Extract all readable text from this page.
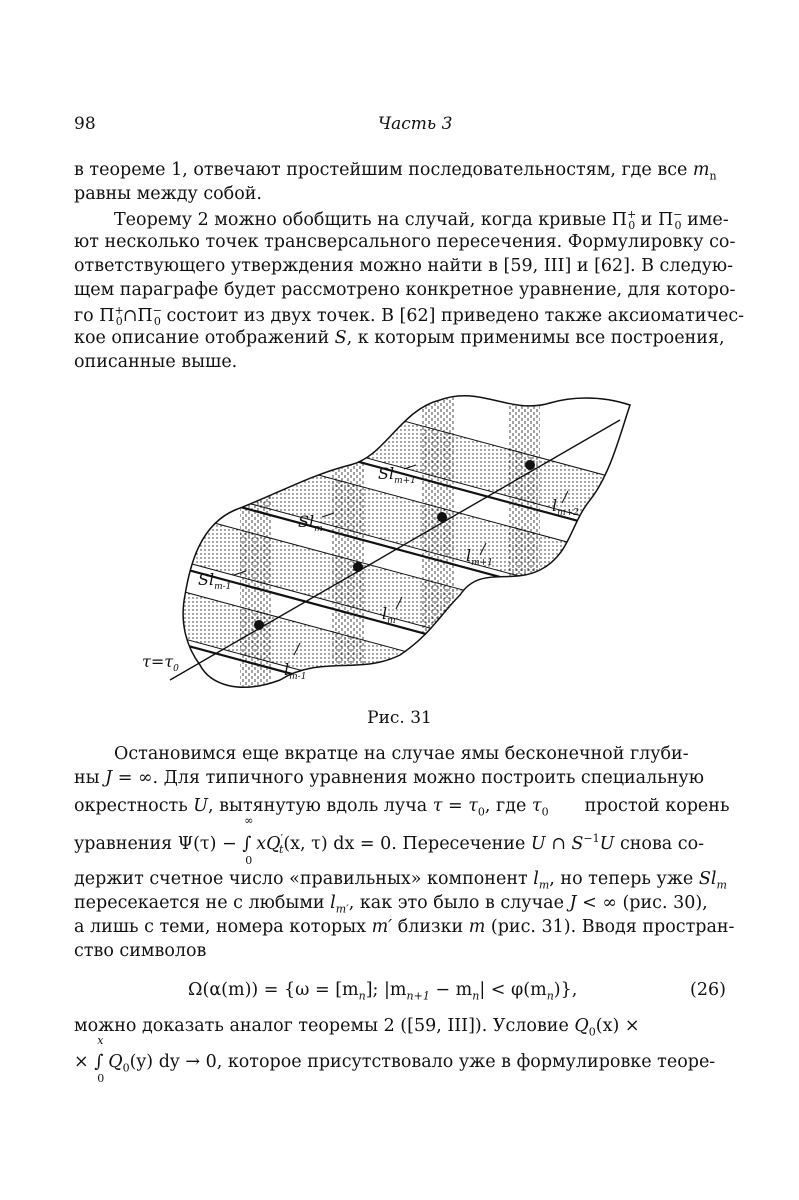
98	Часть 3
в теореме 1, отвечают простейшим последовательностям, где все $m_n$
равны между собой.
Теорему 2 можно обобщить на случай, когда кривые $\Pi^+_0$ и $\Pi^-_0$ име-
ют несколько точек трансверсального пересечения. Формулировку со-
ответствующего утверждения можно найти в [59, III] и [62]. В следую-
щем параграфе будет рассмотрено конкретное уравнение, для которо-
го $\Pi^+_0\cap\Pi^-_0$ состоит из двух точек. В [62] приведено также аксиоматичес-
кое описание отображений S, к которым применимы все построения,
описанные выше.
$Sl_{m+1}$
$Sl_m$
$Sl_{m-1}$
$l_{m+2}$
$l_{m+1}$
$l_m$
$l_{m-1}$
$\tau=\tau_0$
Рис. 31
Остановимся еще вкратце на случае ямы бесконечной глуби-
ны J = ∞. Для типичного уравнения можно построить специальную
окрестность U, вытянутую вдоль луча $\tau = \tau_0$, где $\tau_0$ простой корень
уравнения Ψ(τ) −
∞
∫
0
$xQ'_t(x$, τ) dx = 0. Пересечение U ∩ $S^{-1}U$ снова со-
держит счетное число «правильных» компонент $l_m$, но теперь уже $Sl_m$
пересекается не с любыми $l_{m'}$, как это было в случае J < ∞ (рис. 30),
а лишь с теми, номера которых m′ близки m (рис. 31). Вводя простран-
ство символов
$\Omega(\alpha(m)) = \{\omega = [m_n]$; $|m_{n+1} - m_n| < \varphi(m_n)$},	(26)
можно доказать аналог теоремы 2 ([59, III]). Условие $Q_0(x)$ ×
×
x
∫
0
$Q_0(y)$ dy → 0, которое присутствовало уже в формулировке теоре-
